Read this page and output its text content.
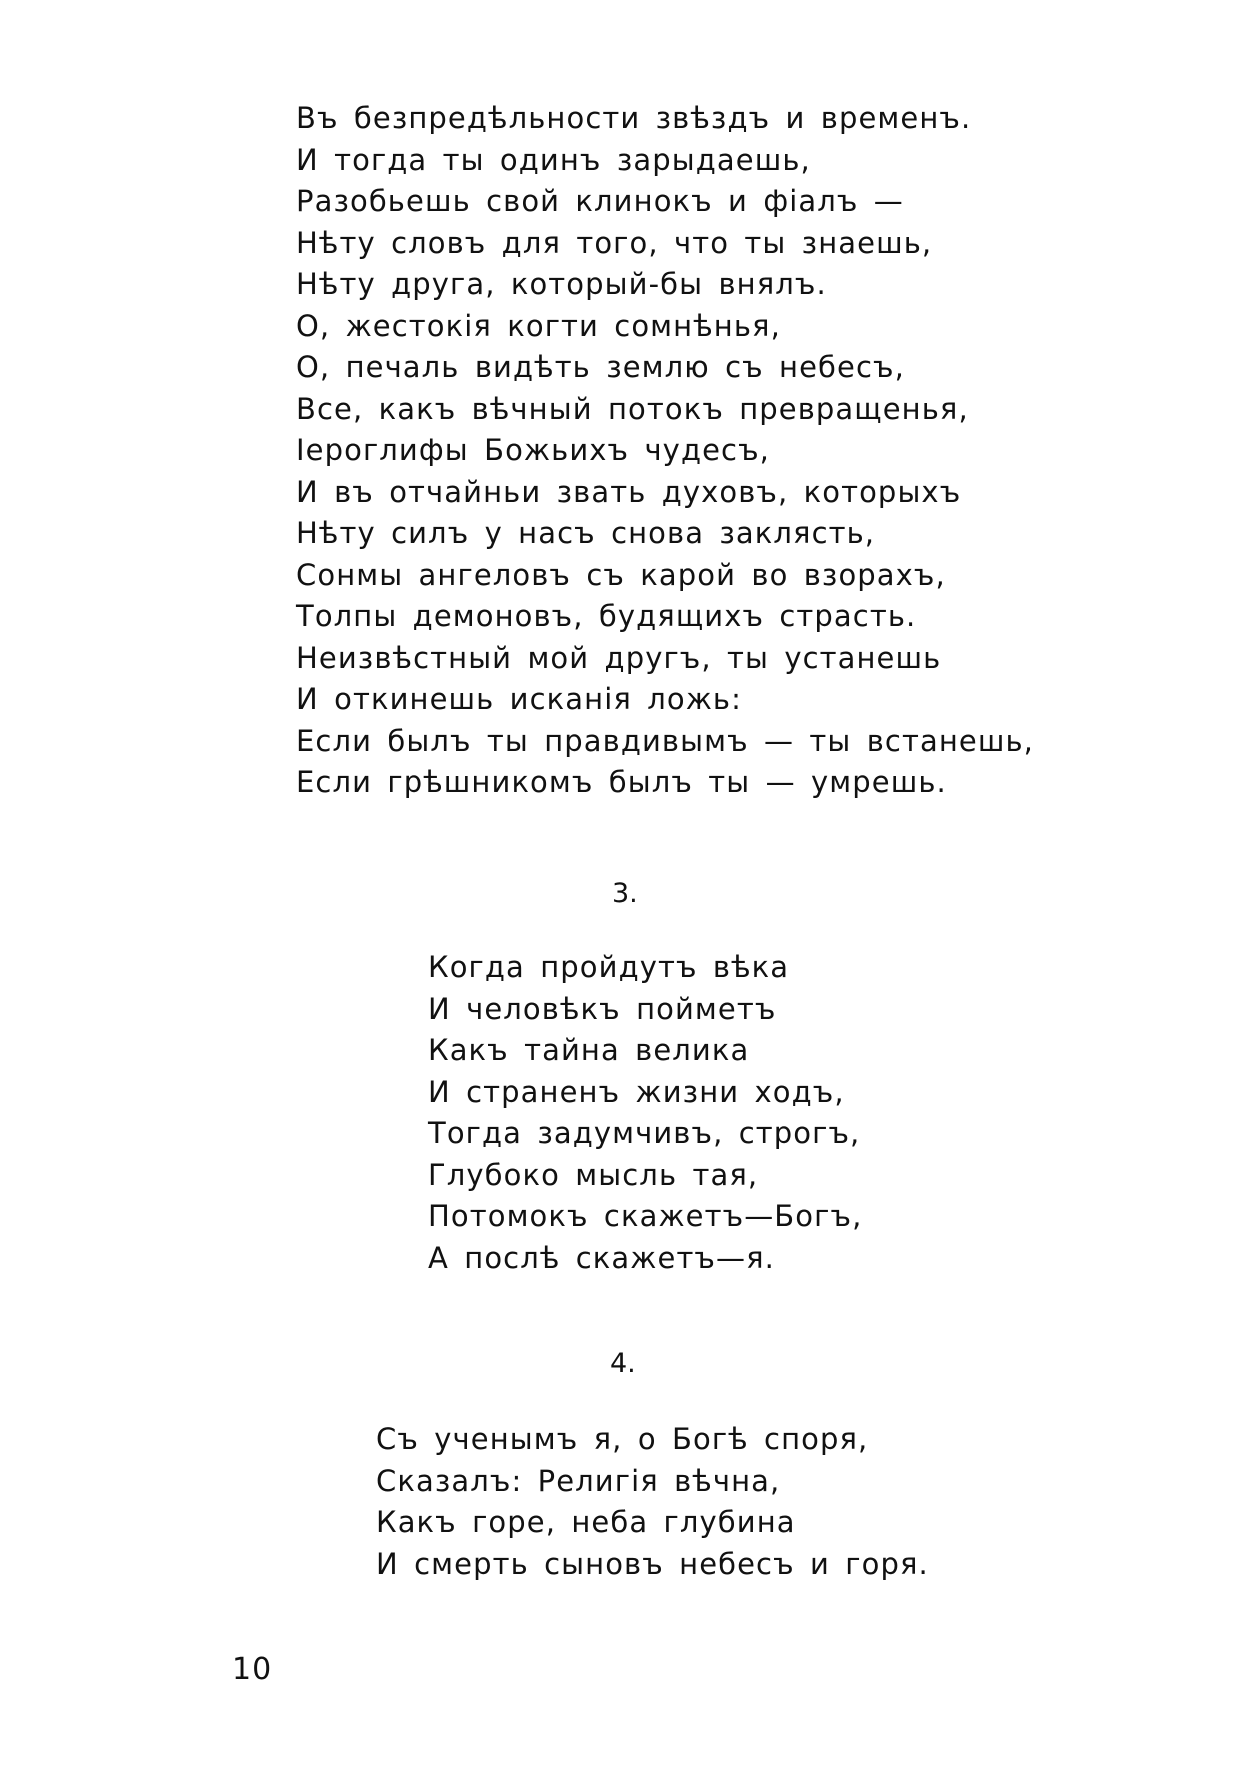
Въ безпредѣльности звѣздъ и временъ.
И тогда ты одинъ зарыдаешь,
Разобьешь свой клинокъ и фіалъ —
Нѣту словъ для того, что ты знаешь,
Нѣту друга, который-бы внялъ.
О, жестокія когти сомнѣнья,
О, печаль видѣть землю съ небесъ,
Все, какъ вѣчный потокъ превращенья,
Іероглифы Божьихъ чудесъ,
И въ отчайньи звать духовъ, которыхъ
Нѣту силъ у насъ снова заклясть,
Сонмы ангеловъ съ карой во взорахъ,
Толпы демоновъ, будящихъ страсть.
Неизвѣстный мой другъ, ты устанешь
И откинешь исканія ложь:
Если былъ ты правдивымъ — ты встанешь,
Если грѣшникомъ былъ ты — умрешь.
3.
Когда пройдутъ вѣка
И человѣкъ пойметъ
Какъ тайна велика
И страненъ жизни ходъ,
Тогда задумчивъ, строгъ,
Глубоко мысль тая,
Потомокъ скажетъ—Богъ,
А послѣ скажетъ—я.
4.
Съ ученымъ я, о Богѣ споря,
Сказалъ: Религія вѣчна,
Какъ горе, неба глубина
И смерть сыновъ небесъ и горя.
10
